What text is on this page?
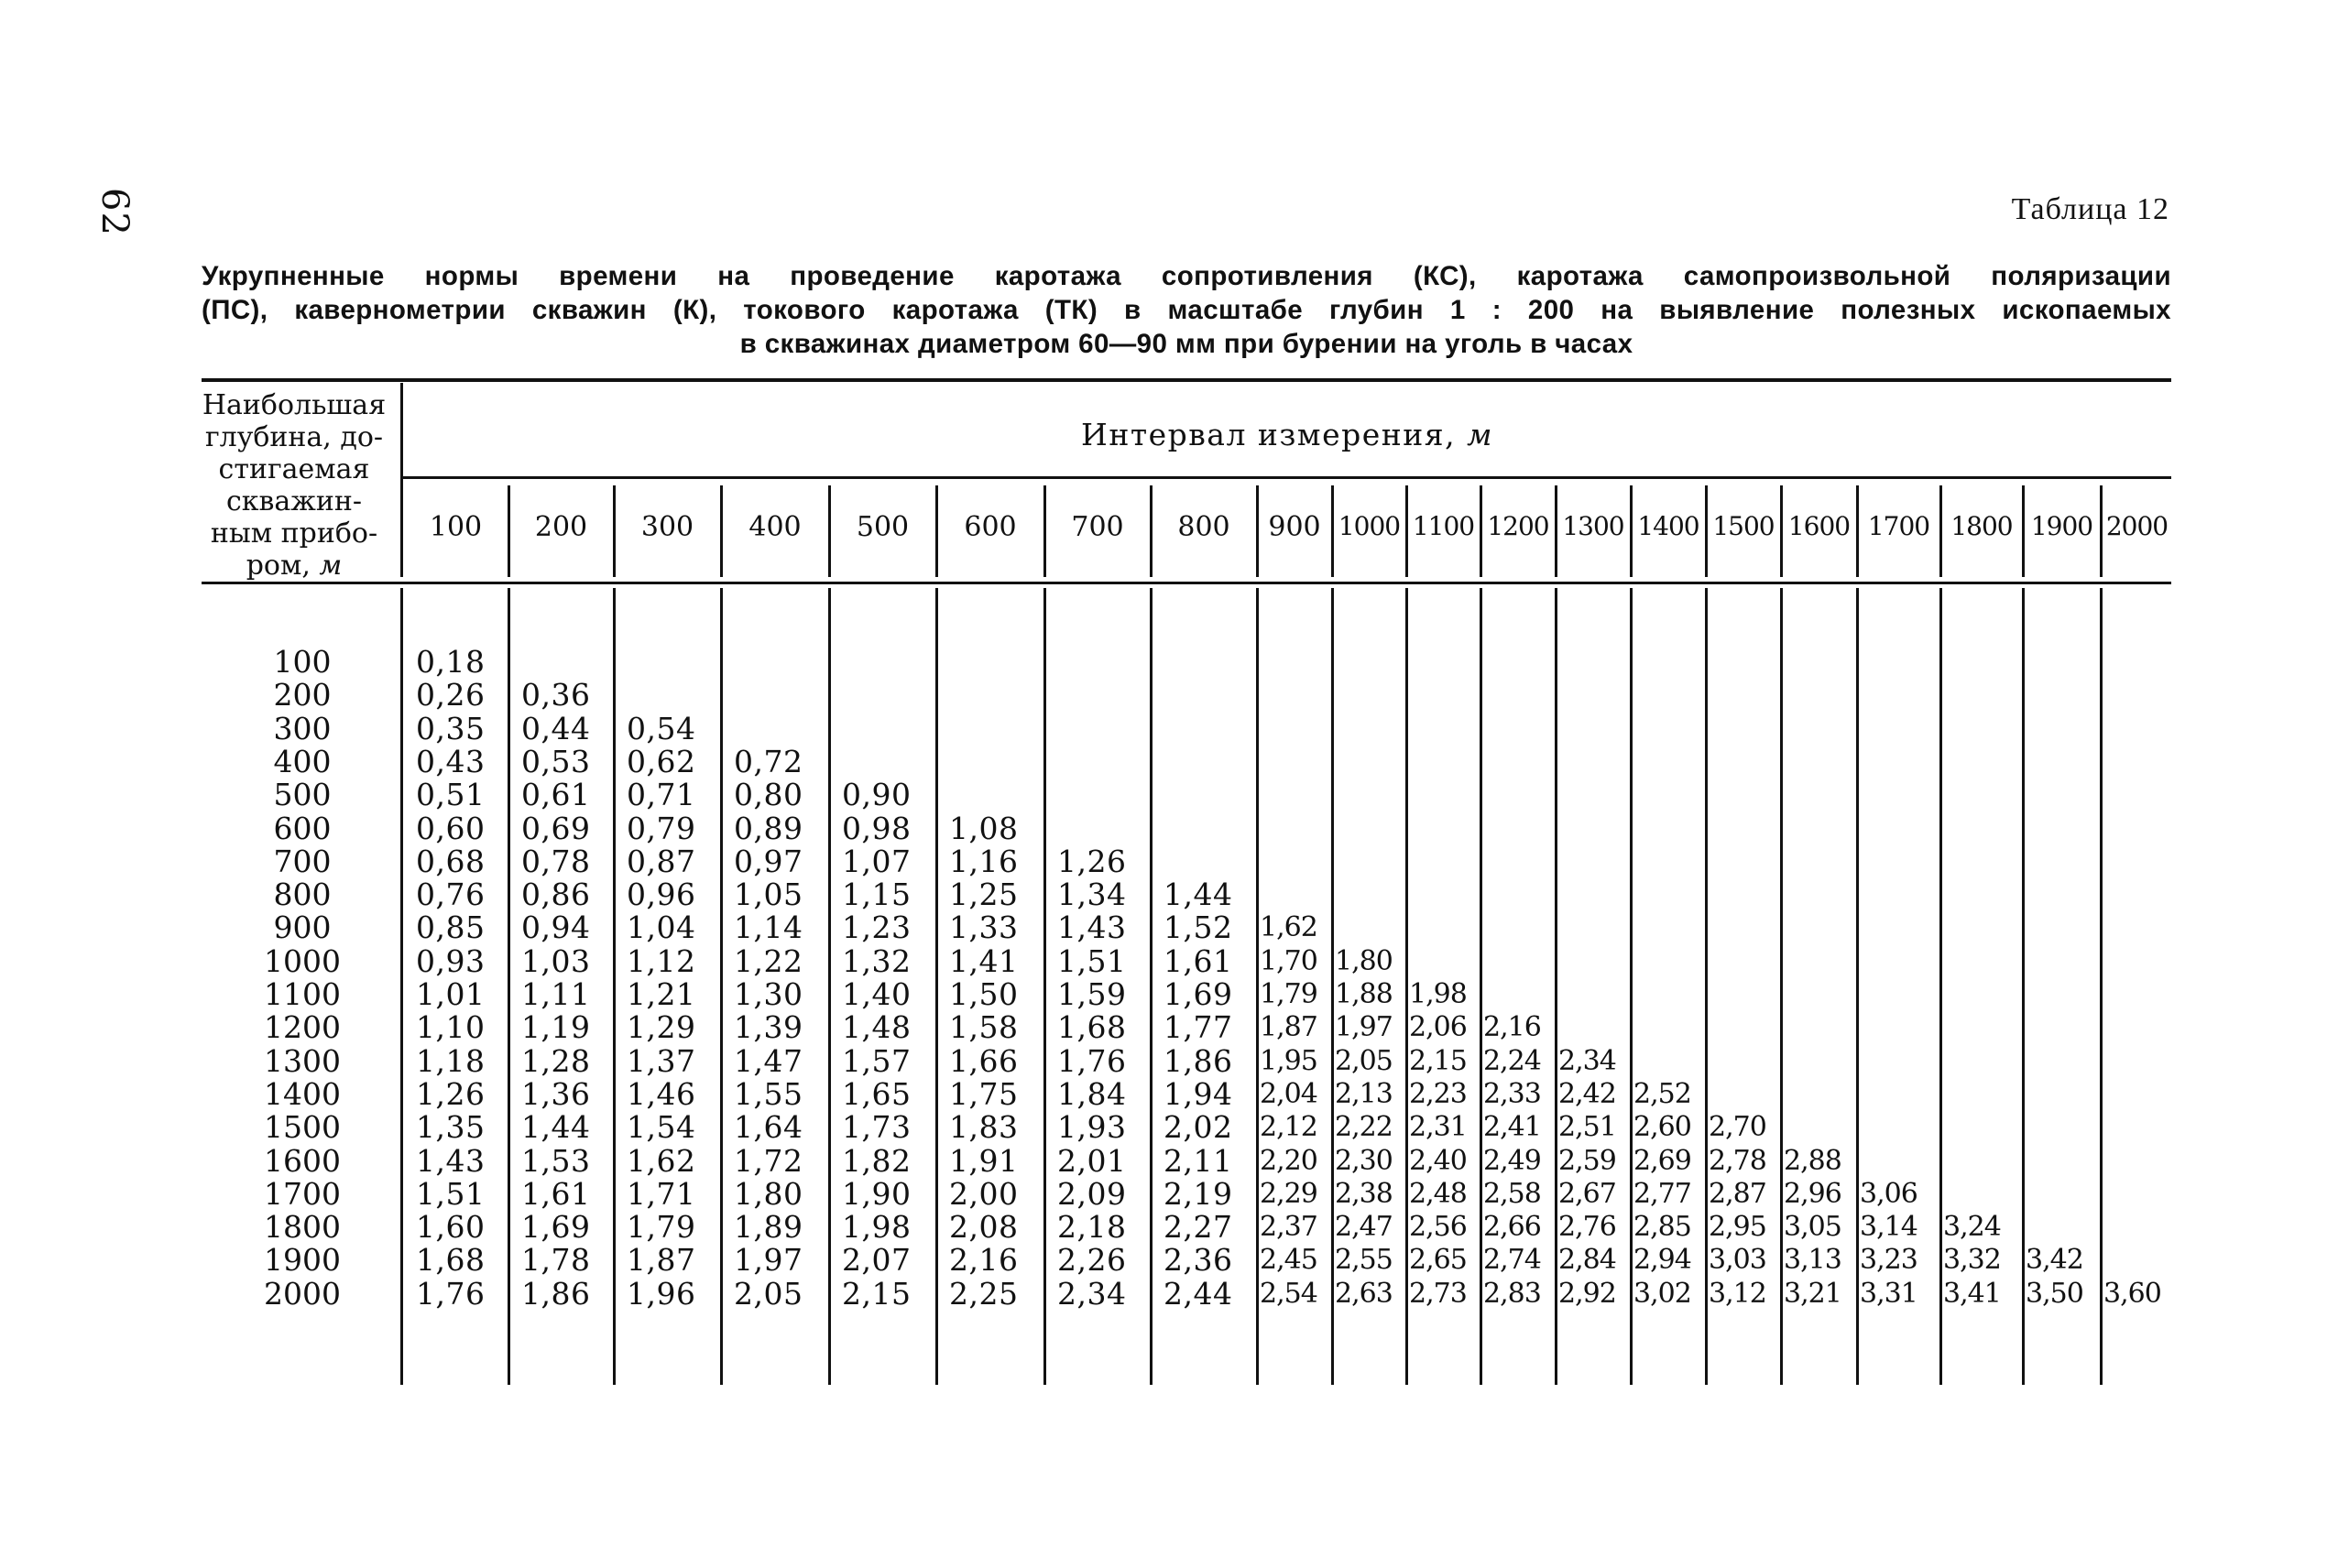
62	Таблица 12
Укрупненные нормы времени на проведение каротажа сопротивления (КС), каротажа самопроизвольной поляризации
(ПС), кавернометрии скважин (К), токового каротажа (ТК) в масштабе глубин 1 : 200 на выявление полезных ископаемых
в скважинах диаметром 60—90 мм при бурении на уголь в часах
Наибольшая
глубина, до-
стигаемая
скважин-
ным прибо-
ром, м
Интервал измерения, м
100	200	300	400	500	600	700	800	900 1000 1100 1200 1300 1400 1500 1600 1700 1800 1900 2000
100	0,18
200	0,26 0,36
300	0,35 0,44 0,54
400	0,43 0,53 0,62 0,72
500	0,51 0,61 0,71 0,80 0,90
600	0,60 0,69 0,79 0,89 0,98 1,08
700	0,68 0,78 0,87 0,97 1,07 1,16 1,26
800	0,76 0,86 0,96 1,05 1,15 1,25 1,34 1,44
900	0,85 0,94 1,04 1,14 1,23 1,33 1,43 1,52 1,62
1000	0,93 1,03 1,12 1,22 1,32 1,41 1,51 1,61 1,70 1,80
1100	1,01 1,11 1,21 1,30 1,40 1,50 1,59 1,69 1,79 1,88 1,98
1200	1,10 1,19 1,29 1,39 1,48 1,58 1,68 1,77 1,87 1,97 2,06 2,16
1300	1,18 1,28 1,37 1,47 1,57 1,66 1,76 1,86 1,95 2,05 2,15 2,24 2,34
1400	1,26 1,36 1,46 1,55 1,65 1,75 1,84 1,94 2,04 2,13 2,23 2,33 2,42 2,52
1500	1,35 1,44 1,54 1,64 1,73 1,83 1,93 2,02 2,12 2,22 2,31 2,41 2,51 2,60 2,70
1600	1,43 1,53 1,62 1,72 1,82 1,91 2,01 2,11 2,20 2,30 2,40 2,49 2,59 2,69 2,78 2,88
1700	1,51 1,61 1,71 1,80 1,90 2,00 2,09 2,19 2,29 2,38 2,48 2,58 2,67 2,77 2,87 2,96 3,06
1800	1,60 1,69 1,79 1,89 1,98 2,08 2,18 2,27 2,37 2,47 2,56 2,66 2,76 2,85 2,95 3,05 3,14 3,24
1900	1,68 1,78 1,87 1,97 2,07 2,16 2,26 2,36 2,45 2,55 2,65 2,74 2,84 2,94 3,03 3,13 3,23 3,32 3,42
2000	1,76 1,86 1,96 2,05 2,15 2,25 2,34 2,44 2,54 2,63 2,73 2,83 2,92 3,02 3,12 3,21 3,31 3,41 3,50 3,60
